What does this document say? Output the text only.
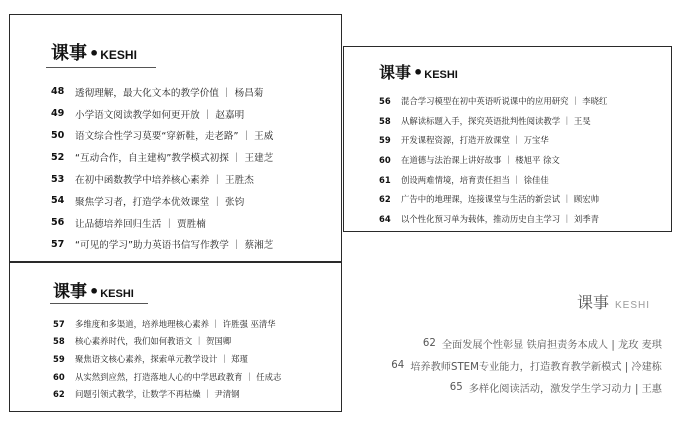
课事 • KESHI
48	透彻理解，最大化文本的教学价值 ｜ 杨昌菊
49	小学语文阅读教学如何更开放 ｜ 赵嘉明
50	语文综合性学习莫要“穿新鞋，走老路” ｜ 王威
52	“互动合作，自主建构”教学模式初探 ｜ 王建芝
53	在初中函数教学中培养核心素养 ｜ 王胜杰
54	聚焦学习者，打造学本优效课堂 ｜ 张钧
56	让品德培养回归生活 ｜ 贾胜楠
57	“可见的学习”助力英语书信写作教学 ｜ 蔡湘芝
课事 • KESHI
56	混合学习模型在初中英语听说课中的应用研究 ｜ 李晓红
58	从解读标题入手，探究英语批判性阅读教学 ｜ 王旻
59	开发课程资源，打造开放课堂 ｜ 万宝华
60	在道德与法治课上讲好故事 ｜ 楼旭平 徐文
61	创设两难情境，培育责任担当 ｜ 徐佳佳
62	广告中的地理课，连接课堂与生活的新尝试 ｜ 顾宏帅
64	以个性化预习单为载体，推动历史自主学习 ｜ 刘季青
课事 • KESHI
57	多维度和多渠道，培养地理核心素养 ｜ 许胜强 巫清华
58	核心素养时代，我们如何教语文 ｜ 贺国卿
59	聚焦语文核心素养，探索单元教学设计 ｜ 郑瑾
60	从实然到应然，打造落地人心的中学思政教育 ｜ 任成志
62	问题引领式教学，让数学不再枯燥 ｜ 尹清钢
课事 KESHI
62 全面发展个性彰显 铁肩担责务本成人 | 龙玫 麦琪
64 培养教师STEM专业能力，打造教育教学新模式 | 冷建栋
65 多样化阅读活动，激发学生学习动力 | 王惠
